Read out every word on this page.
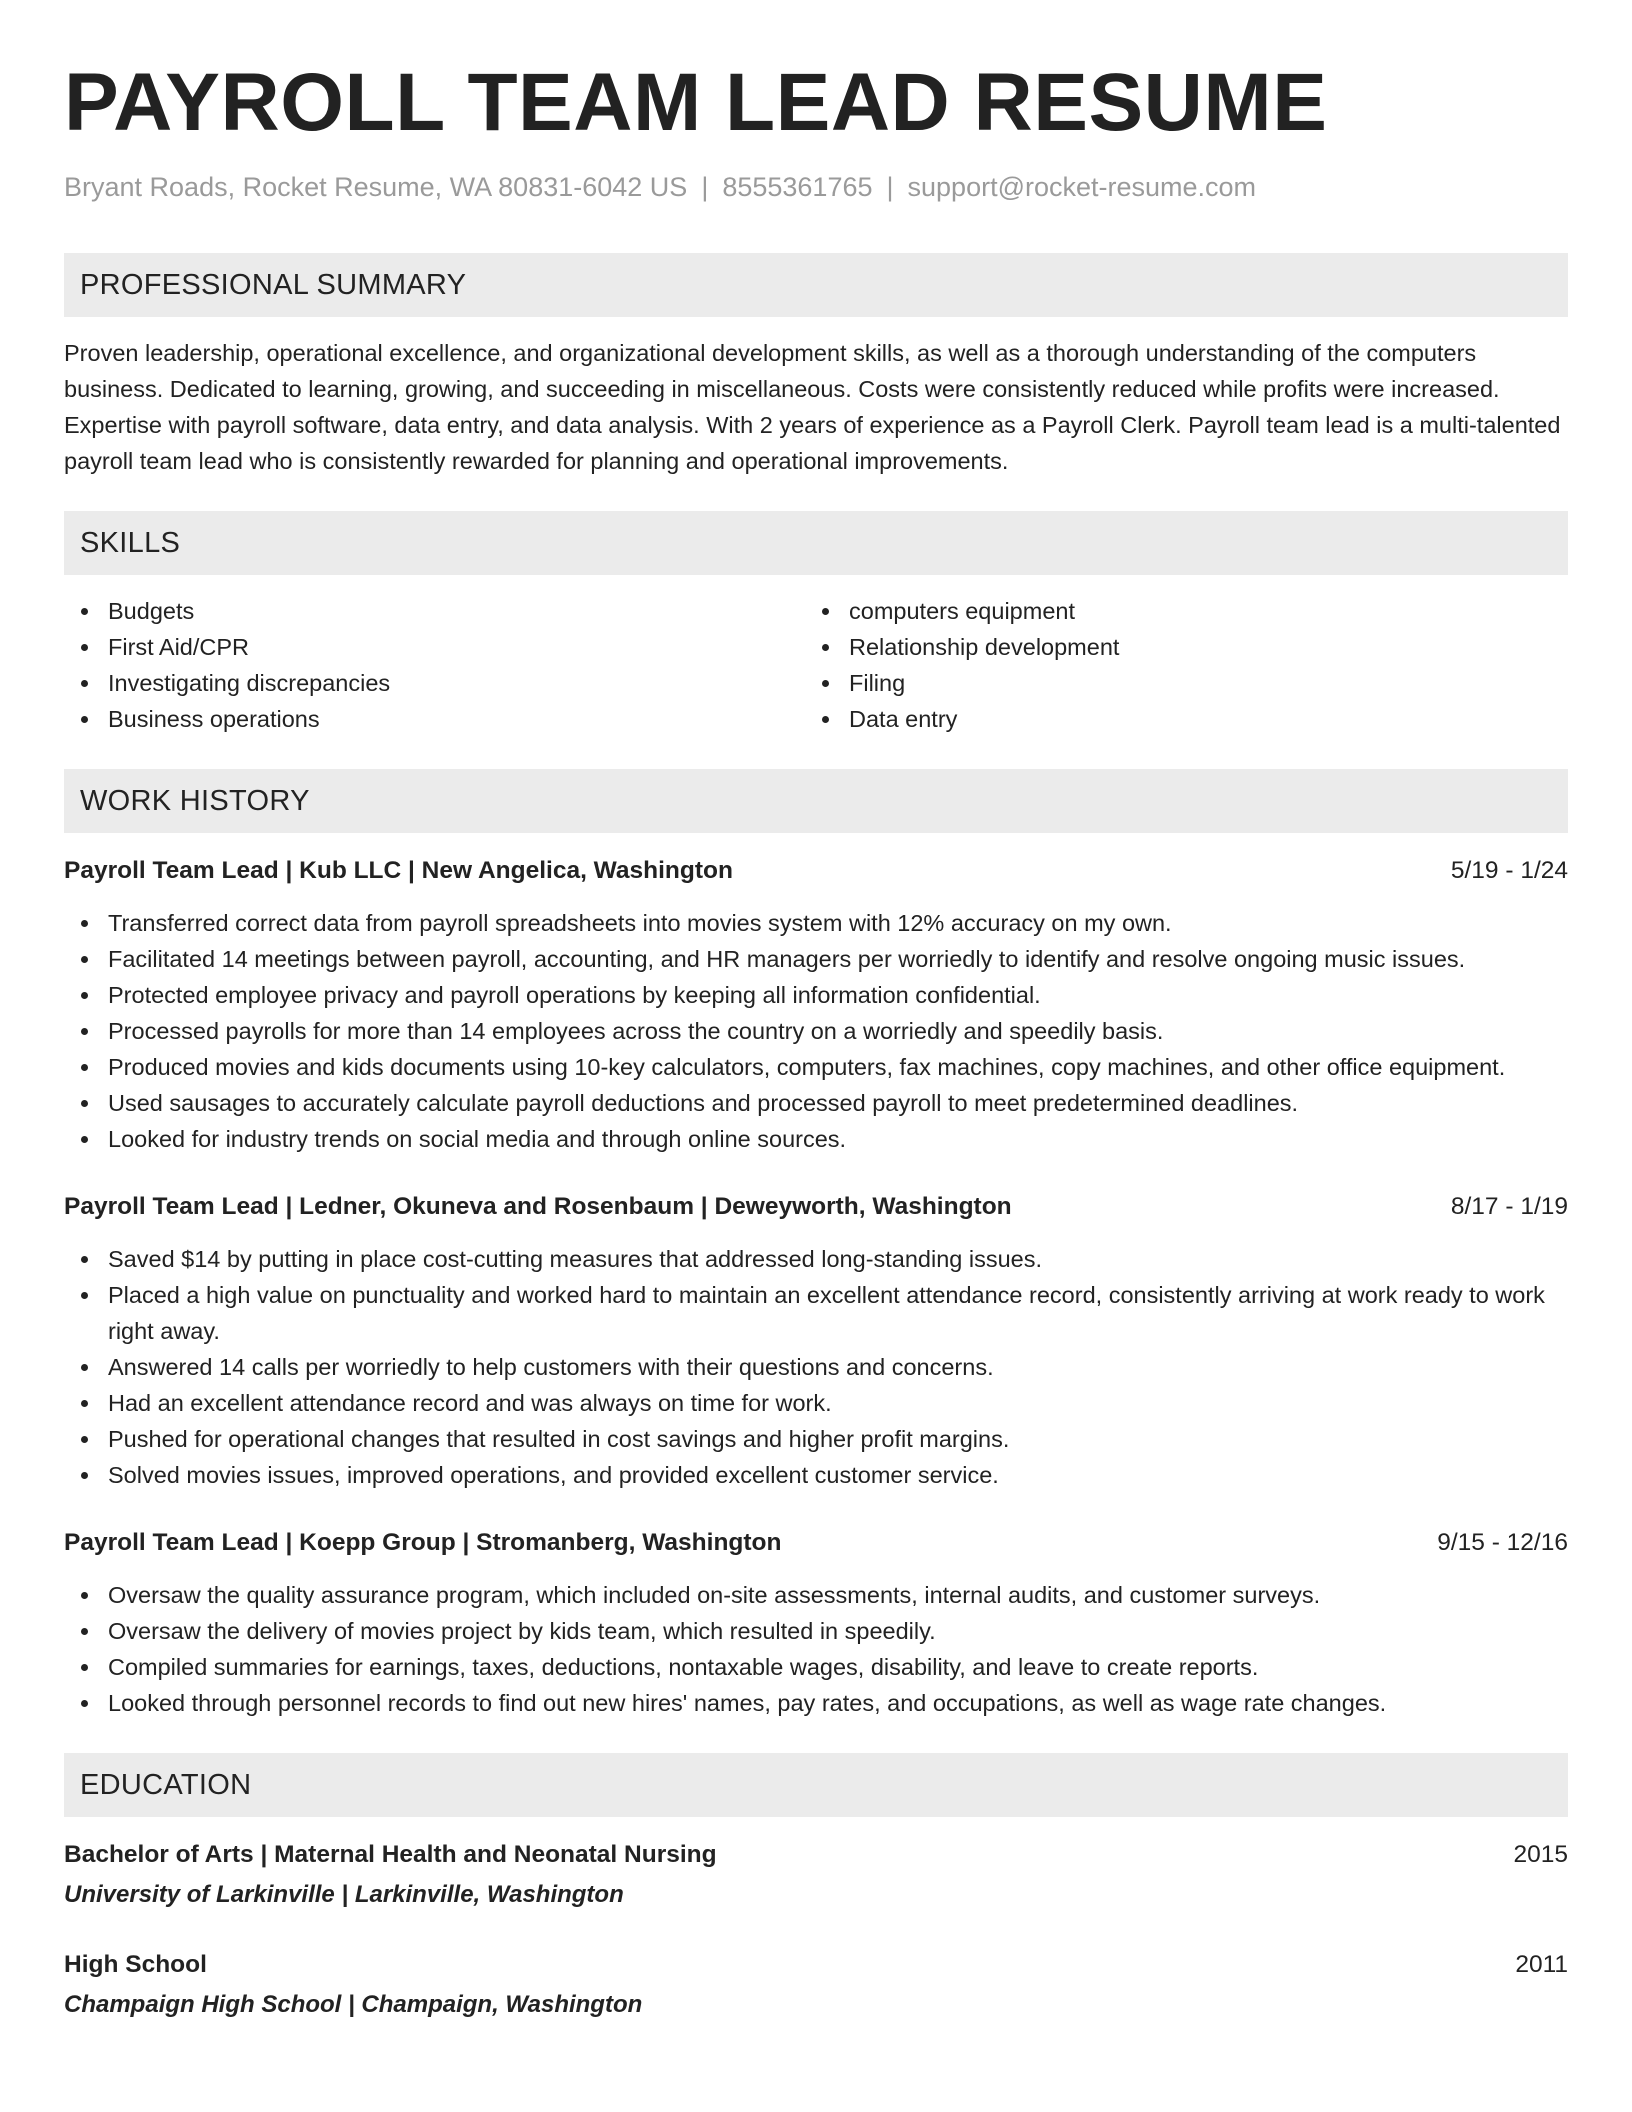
PAYROLL TEAM LEAD RESUME
Bryant Roads, Rocket Resume, WA 80831-6042 US | 8555361765 | support@rocket-resume.com
PROFESSIONAL SUMMARY

Proven leadership, operational excellence, and organizational development skills, as well as a thorough understanding of the computers business. Dedicated to learning, growing, and succeeding in miscellaneous. Costs were consistently reduced while profits were increased. Expertise with payroll software, data entry, and data analysis. With 2 years of experience as a Payroll Clerk. Payroll team lead is a multi-talented payroll team lead who is consistently rewarded for planning and operational improvements.

SKILLS
Budgets
First Aid/CPR
Investigating discrepancies
Business operations
computers equipment
Relationship development
Filing
Data entry
WORK HISTORY
Payroll Team Lead | Kub LLC | New Angelica, Washington	5/19 - 1/24
Transferred correct data from payroll spreadsheets into movies system with 12% accuracy on my own.
Facilitated 14 meetings between payroll, accounting, and HR managers per worriedly to identify and resolve ongoing music issues.
Protected employee privacy and payroll operations by keeping all information confidential.
Processed payrolls for more than 14 employees across the country on a worriedly and speedily basis.
Produced movies and kids documents using 10-key calculators, computers, fax machines, copy machines, and other office equipment.
Used sausages to accurately calculate payroll deductions and processed payroll to meet predetermined deadlines.
Looked for industry trends on social media and through online sources.
Payroll Team Lead | Ledner, Okuneva and Rosenbaum | Deweyworth, Washington	8/17 - 1/19
Saved $14 by putting in place cost-cutting measures that addressed long-standing issues.
Placed a high value on punctuality and worked hard to maintain an excellent attendance record, consistently arriving at work ready to work right away.
Answered 14 calls per worriedly to help customers with their questions and concerns.
Had an excellent attendance record and was always on time for work.
Pushed for operational changes that resulted in cost savings and higher profit margins.
Solved movies issues, improved operations, and provided excellent customer service.
Payroll Team Lead | Koepp Group | Stromanberg, Washington	9/15 - 12/16
Oversaw the quality assurance program, which included on-site assessments, internal audits, and customer surveys.
Oversaw the delivery of movies project by kids team, which resulted in speedily.
Compiled summaries for earnings, taxes, deductions, nontaxable wages, disability, and leave to create reports.
Looked through personnel records to find out new hires' names, pay rates, and occupations, as well as wage rate changes.
EDUCATION
Bachelor of Arts | Maternal Health and Neonatal Nursing	2015
University of Larkinville | Larkinville, Washington
High School	2011
Champaign High School | Champaign, Washington
